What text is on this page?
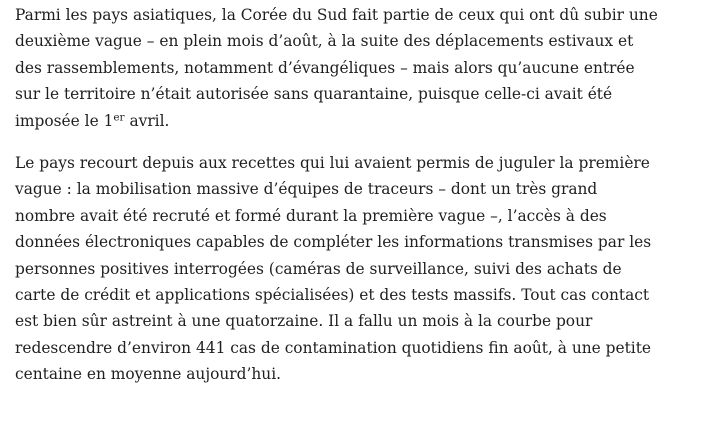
Parmi les pays asiatiques, la Corée du Sud fait partie de ceux qui ont dû subir une
deuxième vague – en plein mois d’août, à la suite des déplacements estivaux et
des rassemblements, notamment d’évangéliques – mais alors qu’aucune entrée
sur le territoire n’était autorisée sans quarantaine, puisque celle-ci avait été
imposée le 1er avril.

Le pays recourt depuis aux recettes qui lui avaient permis de juguler la première
vague : la mobilisation massive d’équipes de traceurs – dont un très grand
nombre avait été recruté et formé durant la première vague –, l’accès à des
données électroniques capables de compléter les informations transmises par les
personnes positives interrogées (caméras de surveillance, suivi des achats de
carte de crédit et applications spécialisées) et des tests massifs. Tout cas contact
est bien sûr astreint à une quatorzaine. Il a fallu un mois à la courbe pour
redescendre d’environ 441 cas de contamination quotidiens fin août, à une petite
centaine en moyenne aujourd’hui.
